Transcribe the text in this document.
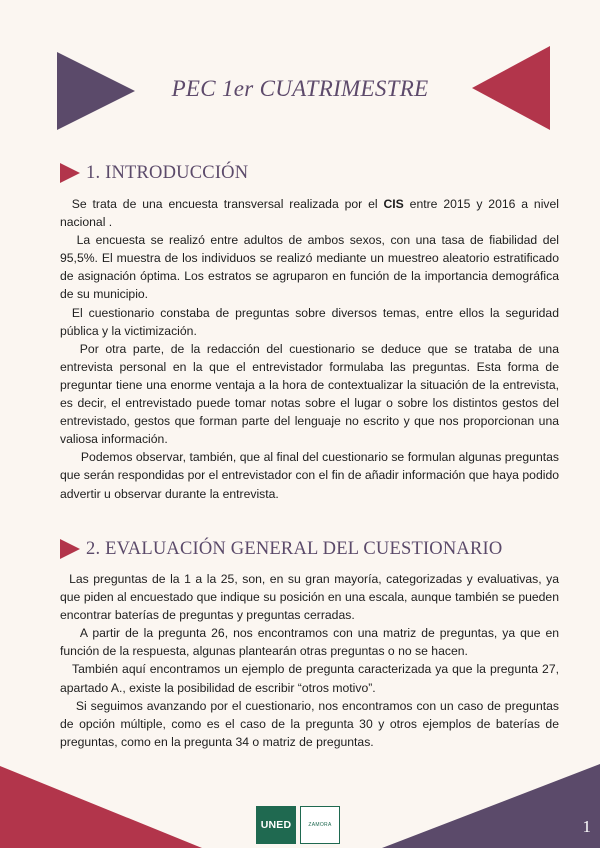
PEC 1er CUATRIMESTRE
1. INTRODUCCIÓN

Se trata de una encuesta transversal realizada por el CIS entre 2015 y 2016 a nivel nacional .

La encuesta se realizó entre adultos de ambos sexos, con una tasa de fiabilidad del 95,5%. El muestra de los individuos se realizó mediante un muestreo aleatorio estratificado de asignación óptima. Los estratos se agruparon en función de la importancia demográfica de su municipio.

El cuestionario constaba de preguntas sobre diversos temas, entre ellos la seguridad pública y la victimización.

Por otra parte, de la redacción del cuestionario se deduce que se trataba de una entrevista personal en la que el entrevistador formulaba las preguntas. Esta forma de preguntar tiene una enorme ventaja a la hora de contextualizar la situación de la entrevista, es decir, el entrevistado puede tomar notas sobre el lugar o sobre los distintos gestos del entrevistado, gestos que forman parte del lenguaje no escrito y que nos proporcionan una valiosa información.

Podemos observar, también, que al final del cuestionario se formulan algunas preguntas que serán respondidas por el entrevistador con el fin de añadir información que haya podido advertir u observar durante la entrevista.

2. EVALUACIÓN GENERAL DEL CUESTIONARIO

Las preguntas de la 1 a la 25, son, en su gran mayoría, categorizadas y evaluativas, ya que piden al encuestado que indique su posición en una escala, aunque también se pueden encontrar baterías de preguntas y preguntas cerradas.

A partir de la pregunta 26, nos encontramos con una matriz de preguntas, ya que en función de la respuesta, algunas plantearán otras preguntas o no se hacen.

También aquí encontramos un ejemplo de pregunta caracterizada ya que la pregunta 27, apartado A., existe la posibilidad de escribir “otros motivo”.

Si seguimos avanzando por el cuestionario, nos encontramos con un caso de preguntas de opción múltiple, como es el caso de la pregunta 30 y otros ejemplos de baterías de preguntas, como en la pregunta 34 o matriz de preguntas.

UNED	ZAMORA	1
